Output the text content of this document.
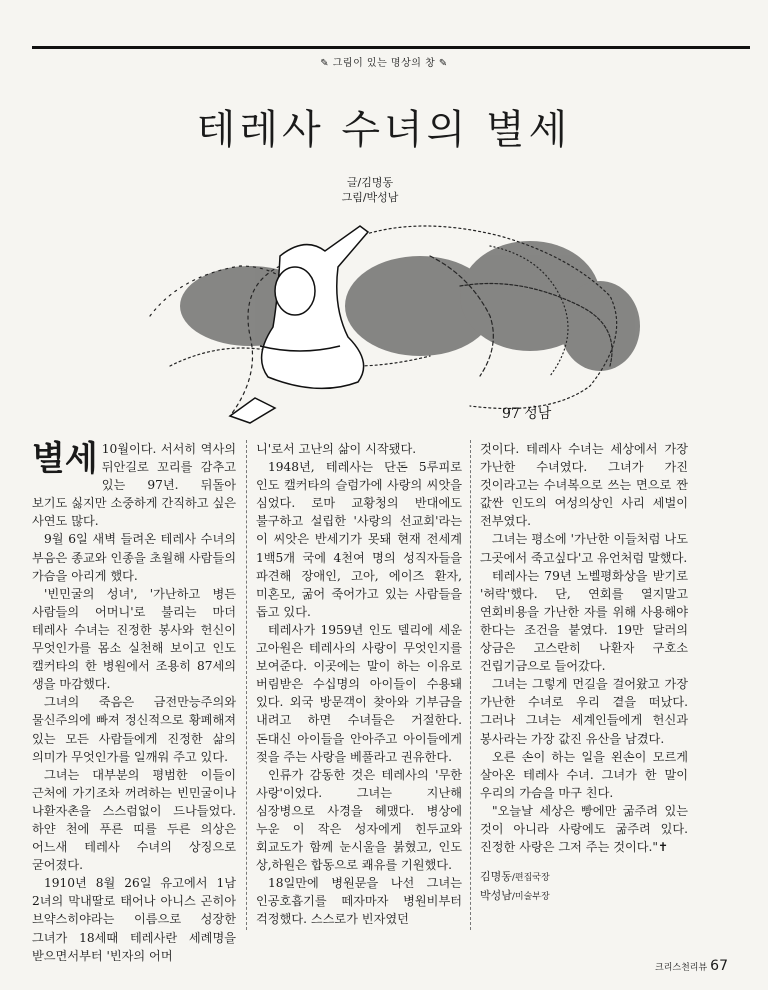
✎ 그림이 있는 명상의 창 ✎
테레사 수녀의 별세
글/김명동
그림/박성남
97 성남
별세 10월이다. 서서히 역사의 뒤안길로 꼬리를 감추고 있는 97년. 뒤돌아 보기도 싫지만 소중하게 간직하고 싶은 사연도 많다.

9월 6일 새벽 들려온 테레사 수녀의 부음은 종교와 인종을 초월해 사람들의 가슴을 아리게 했다.

'빈민굴의 성녀', '가난하고 병든 사람들의 어머니'로 불리는 마더 테레사 수녀는 진정한 봉사와 헌신이 무엇인가를 몸소 실천해 보이고 인도 캘커타의 한 병원에서 조용히 87세의 생을 마감했다.

그녀의 죽음은 금전만능주의와 물신주의에 빠져 정신적으로 황폐해져 있는 모든 사람들에게 진정한 삶의 의미가 무엇인가를 일깨워 주고 있다.

그녀는 대부분의 평범한 이들이 근처에 가기조차 꺼려하는 빈민굴이나 나환자촌을 스스럼없이 드나들었다. 하얀 천에 푸른 띠를 두른 의상은 어느새 테레사 수녀의 상징으로 굳어졌다.

1910년 8월 26일 유고에서 1남 2녀의 막내딸로 태어나 아니스 곤히아 브약스히야라는 이름으로 성장한 그녀가 18세때 테레사란 세례명을 받으면서부터 '빈자의 어머

니'로서 고난의 삶이 시작됐다.

1948년, 테레사는 단돈 5루피로 인도 캘커타의 슬럼가에 사랑의 씨앗을 심었다. 로마 교황청의 반대에도 불구하고 설립한 '사랑의 선교회'라는 이 씨앗은 반세기가 못돼 현재 전세계 1백5개 국에 4천여 명의 성직자들을 파견해 장애인, 고아, 에이즈 환자, 미혼모, 굶어 죽어가고 있는 사람들을 돕고 있다.

테레사가 1959년 인도 델리에 세운 고아원은 테레사의 사랑이 무엇인지를 보여준다. 이곳에는 말이 하는 이유로 버림받은 수십명의 아이들이 수용돼 있다. 외국 방문객이 찾아와 기부금을 내려고 하면 수녀들은 거절한다. 돈대신 아이들을 안아주고 아이들에게 젖을 주는 사랑을 베풀라고 권유한다.

인류가 감동한 것은 테레사의 '무한 사랑'이었다. 그녀는 지난해 심장병으로 사경을 헤맸다. 병상에 누운 이 작은 성자에게 힌두교와 회교도가 함께 눈시울을 붉혔고, 인도 상,하원은 합동으로 쾌유를 기원했다.

18일만에 병원문을 나선 그녀는 인공호흡기를 떼자마자 병원비부터 걱정했다. 스스로가 빈자였던

것이다. 테레사 수녀는 세상에서 가장 가난한 수녀였다. 그녀가 가진 것이라고는 수녀복으로 쓰는 면으로 짠 값싼 인도의 여성의상인 사리 세벌이 전부였다.

그녀는 평소에 '가난한 이들처럼 나도 그곳에서 죽고싶다'고 유언처럼 말했다.

테레사는 79년 노벨평화상을 받기로 '허락'했다. 단, 연회를 열지말고 연회비용을 가난한 자를 위해 사용해야 한다는 조건을 붙였다. 19만 달러의 상금은 고스란히 나환자 구호소 건립기금으로 들어갔다.

그녀는 그렇게 먼길을 걸어왔고 가장 가난한 수녀로 우리 곁을 떠났다. 그러나 그녀는 세계인들에게 헌신과 봉사라는 가장 값진 유산을 남겼다.

오른 손이 하는 일을 왼손이 모르게 살아온 테레사 수녀. 그녀가 한 말이 우리의 가슴을 마구 친다.

"오늘날 세상은 빵에만 굶주려 있는 것이 아니라 사랑에도 굶주려 있다. 진정한 사랑은 그저 주는 것이다."✝

김명동/편집국장
박성남/미술부장
크리스천리뷰 67
